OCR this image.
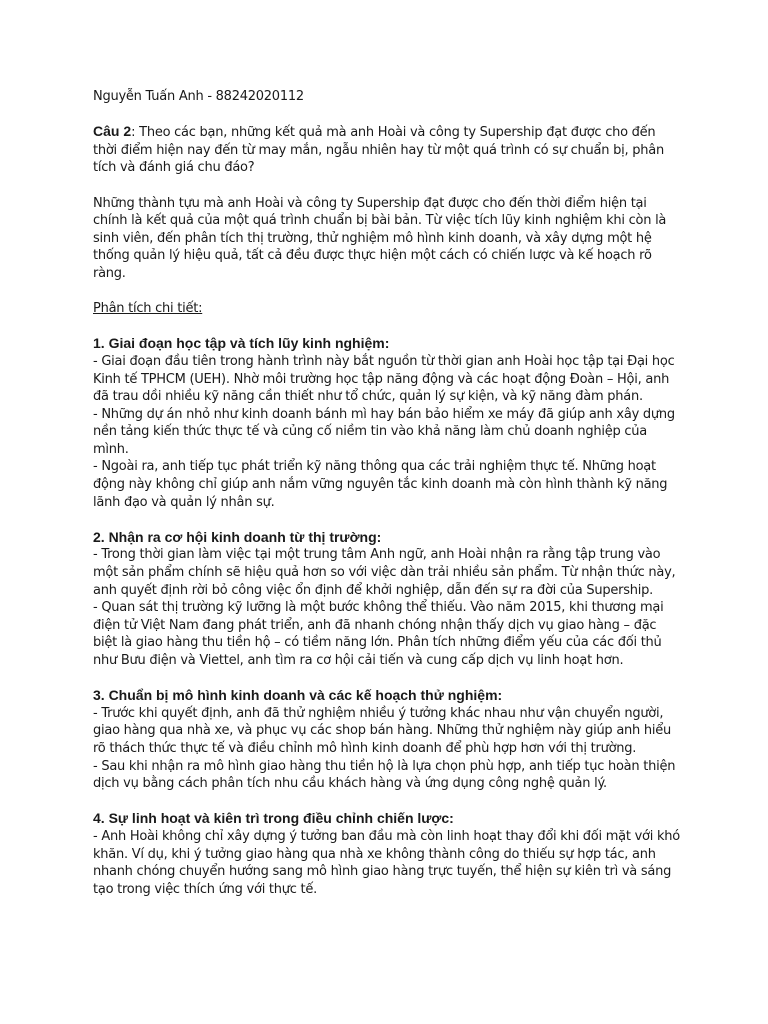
Nguyễn Tuấn Anh - 88242020112

Câu 2: Theo các bạn, những kết quả mà anh Hoài và công ty Supership đạt được cho đến thời điểm hiện nay đến từ may mắn, ngẫu nhiên hay từ một quá trình có sự chuẩn bị, phân tích và đánh giá chu đáo?

Những thành tựu mà anh Hoài và công ty Supership đạt được cho đến thời điểm hiện tại chính là kết quả của một quá trình chuẩn bị bài bản. Từ việc tích lũy kinh nghiệm khi còn là sinh viên, đến phân tích thị trường, thử nghiệm mô hình kinh doanh, và xây dựng một hệ thống quản lý hiệu quả, tất cả đều được thực hiện một cách có chiến lược và kế hoạch rõ ràng.

Phân tích chi tiết:

1. Giai đoạn học tập và tích lũy kinh nghiệm:

- Giai đoạn đầu tiên trong hành trình này bắt nguồn từ thời gian anh Hoài học tập tại Đại học Kinh tế TPHCM (UEH). Nhờ môi trường học tập năng động và các hoạt động Đoàn – Hội, anh đã trau dồi nhiều kỹ năng cần thiết như tổ chức, quản lý sự kiện, và kỹ năng đàm phán.

- Những dự án nhỏ như kinh doanh bánh mì hay bán bảo hiểm xe máy đã giúp anh xây dựng nền tảng kiến thức thực tế và củng cố niềm tin vào khả năng làm chủ doanh nghiệp của mình.

- Ngoài ra, anh tiếp tục phát triển kỹ năng thông qua các trải nghiệm thực tế. Những hoạt động này không chỉ giúp anh nắm vững nguyên tắc kinh doanh mà còn hình thành kỹ năng lãnh đạo và quản lý nhân sự.

2. Nhận ra cơ hội kinh doanh từ thị trường:

- Trong thời gian làm việc tại một trung tâm Anh ngữ, anh Hoài nhận ra rằng tập trung vào một sản phẩm chính sẽ hiệu quả hơn so với việc dàn trải nhiều sản phẩm. Từ nhận thức này, anh quyết định rời bỏ công việc ổn định để khởi nghiệp, dẫn đến sự ra đời của Supership.

- Quan sát thị trường kỹ lưỡng là một bước không thể thiếu. Vào năm 2015, khi thương mại điện tử Việt Nam đang phát triển, anh đã nhanh chóng nhận thấy dịch vụ giao hàng – đặc biệt là giao hàng thu tiền hộ – có tiềm năng lớn. Phân tích những điểm yếu của các đối thủ như Bưu điện và Viettel, anh tìm ra cơ hội cải tiến và cung cấp dịch vụ linh hoạt hơn.

3. Chuẩn bị mô hình kinh doanh và các kế hoạch thử nghiệm:

- Trước khi quyết định, anh đã thử nghiệm nhiều ý tưởng khác nhau như vận chuyển người, giao hàng qua nhà xe, và phục vụ các shop bán hàng. Những thử nghiệm này giúp anh hiểu rõ thách thức thực tế và điều chỉnh mô hình kinh doanh để phù hợp hơn với thị trường.

- Sau khi nhận ra mô hình giao hàng thu tiền hộ là lựa chọn phù hợp, anh tiếp tục hoàn thiện dịch vụ bằng cách phân tích nhu cầu khách hàng và ứng dụng công nghệ quản lý.

4. Sự linh hoạt và kiên trì trong điều chỉnh chiến lược:

- Anh Hoài không chỉ xây dựng ý tưởng ban đầu mà còn linh hoạt thay đổi khi đối mặt với khó khăn. Ví dụ, khi ý tưởng giao hàng qua nhà xe không thành công do thiếu sự hợp tác, anh nhanh chóng chuyển hướng sang mô hình giao hàng trực tuyến, thể hiện sự kiên trì và sáng tạo trong việc thích ứng với thực tế.
